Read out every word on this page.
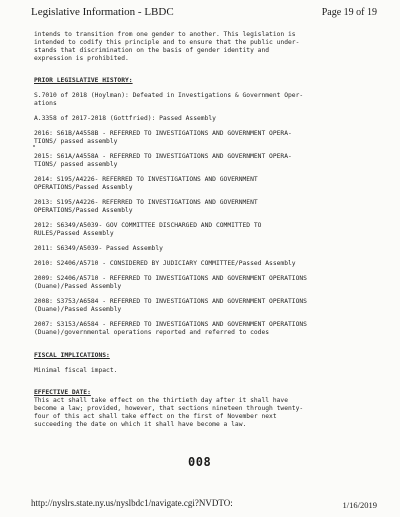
Legislative Information - LBDC	Page 19 of 19
intends to transition from one gender to another. This legislation is
intended to codify this principle and to ensure that the public under-
stands that discrimination on the basis of gender identity and
expression is prohibited.
PRIOR LEGISLATIVE HISTORY:
S.7010 of 2018 (Hoylman): Defeated in Investigations & Government Oper-
ations
A.3358 of 2017-2018 (Gottfried): Passed Assembly
2016: S61B/A4558B - REFERRED TO INVESTIGATIONS AND GOVERNMENT OPERA-
TIONS/ passed assembly
2015: S61A/A4558A - REFERRED TO INVESTIGATIONS AND GOVERNMENT OPERA-
TIONS/ passed assembly
2014: S195/A4226- REFERRED TO INVESTIGATIONS AND GOVERNMENT
OPERATIONS/Passed Assembly
2013: S195/A4226- REFERRED TO INVESTIGATIONS AND GOVERNMENT
OPERATIONS/Passed Assembly
2012: S6349/A5039- GOV COMMITTEE DISCHARGED AND COMMITTED TO
RULES/Passed Assembly
2011: S6349/A5039- Passed Assembly
2010: S2406/A5710 - CONSIDERED BY JUDICIARY COMMITTEE/Passed Assembly
2009: S2406/A5710 - REFERRED TO INVESTIGATIONS AND GOVERNMENT OPERATIONS
(Duane)/Passed Assembly
2008: S3753/A6584 - REFERRED TO INVESTIGATIONS AND GOVERNMENT OPERATIONS
(Duane)/Passed Assembly
2007: S3153/A6584 - REFERRED TO INVESTIGATIONS AND GOVERNMENT OPERATIONS
(Duane)/governmental operations reported and referred to codes
FISCAL IMPLICATIONS:
Minimal fiscal impact.
EFFECTIVE DATE:
This act shall take effect on the thirtieth day after it shall have
become a law; provided, however, that sections nineteen through twenty-
four of this act shall take effect on the first of November next
succeeding the date on which it shall have become a law.
008
http://nyslrs.state.ny.us/nyslbdc1/navigate.cgi?NVDTO:	1/16/2019
